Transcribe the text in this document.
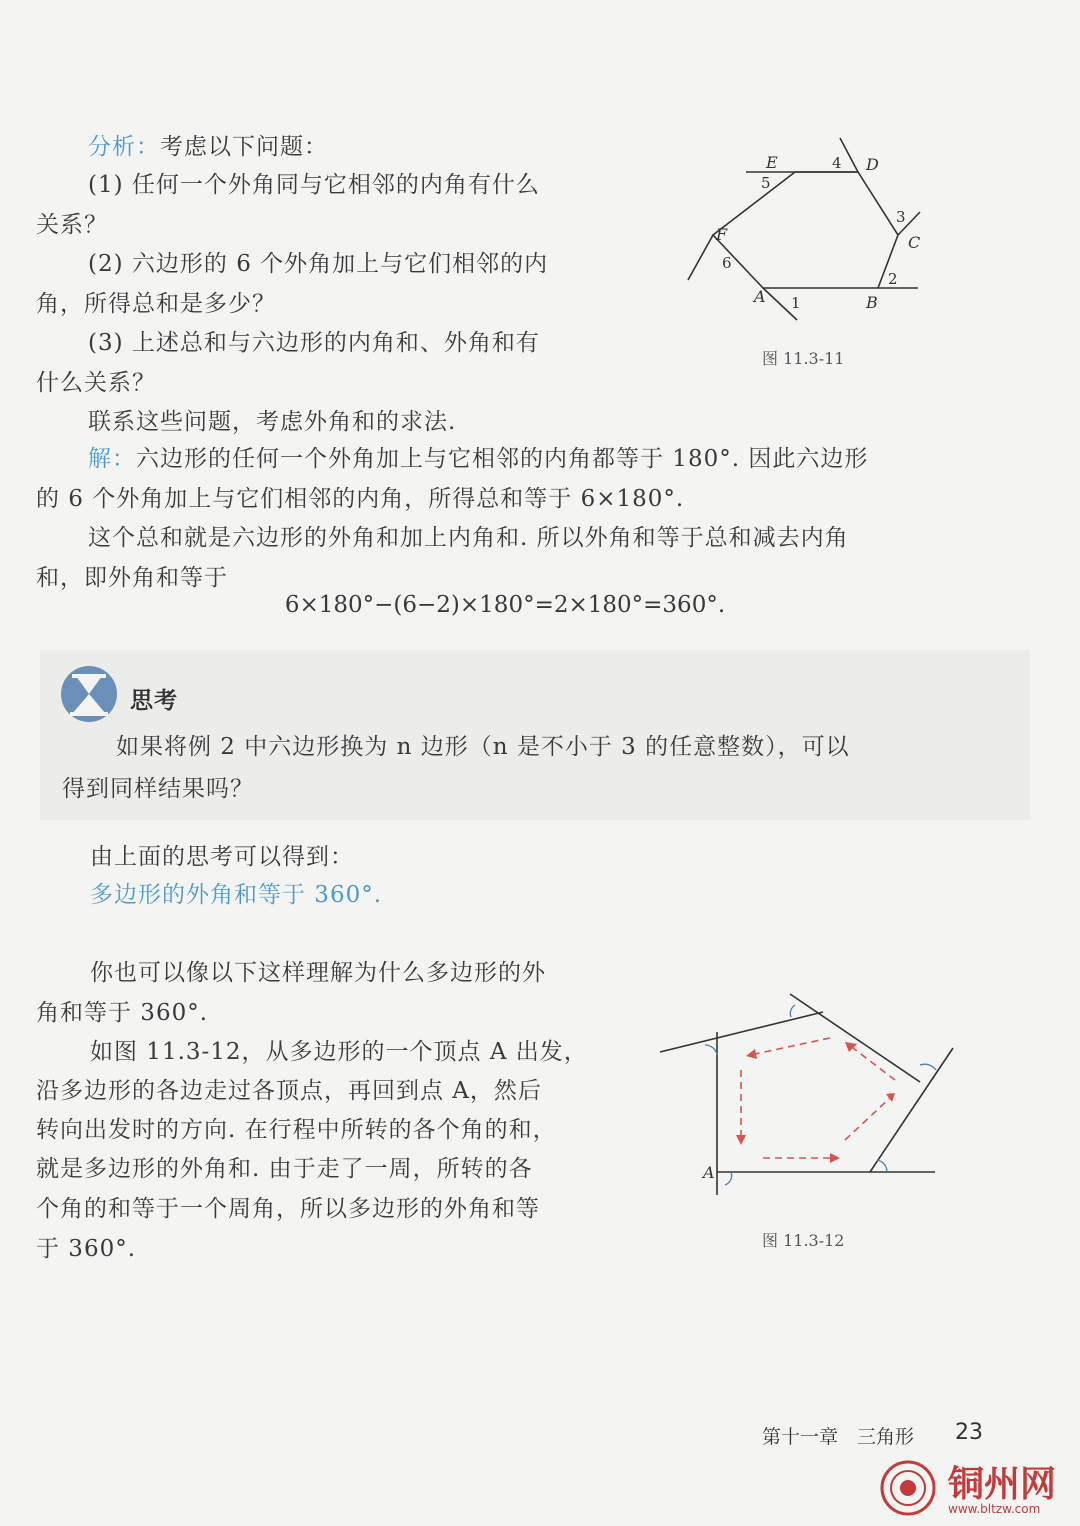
分析：考虑以下问题：
(1) 任何一个外角同与它相邻的内角有什么
关系？
(2) 六边形的 6 个外角加上与它们相邻的内
角，所得总和是多少？
(3) 上述总和与六边形的内角和、外角和有
什么关系？
联系这些问题，考虑外角和的求法.
E	D
C
B
A
F
1
2
3
4
5
6
图 11.3-11
解：六边形的任何一个外角加上与它相邻的内角都等于 180°. 因此六边形
的 6 个外角加上与它们相邻的内角，所得总和等于 6×180°.
这个总和就是六边形的外角和加上内角和. 所以外角和等于总和减去内角
和，即外角和等于
6×180°−(6−2)×180°=2×180°=360°.
思考
如果将例 2 中六边形换为 n 边形（n 是不小于 3 的任意整数），可以
得到同样结果吗？
由上面的思考可以得到：
多边形的外角和等于 360°.
你也可以像以下这样理解为什么多边形的外
角和等于 360°.
如图 11.3-12，从多边形的一个顶点 A 出发，
沿多边形的各边走过各顶点，再回到点 A，然后
转向出发时的方向. 在行程中所转的各个角的和，
就是多边形的外角和. 由于走了一周，所转的各
个角的和等于一个周角，所以多边形的外角和等
于 360°.
A
图 11.3-12
第十一章　三角形 23
铜州网
www.bltzw.com
